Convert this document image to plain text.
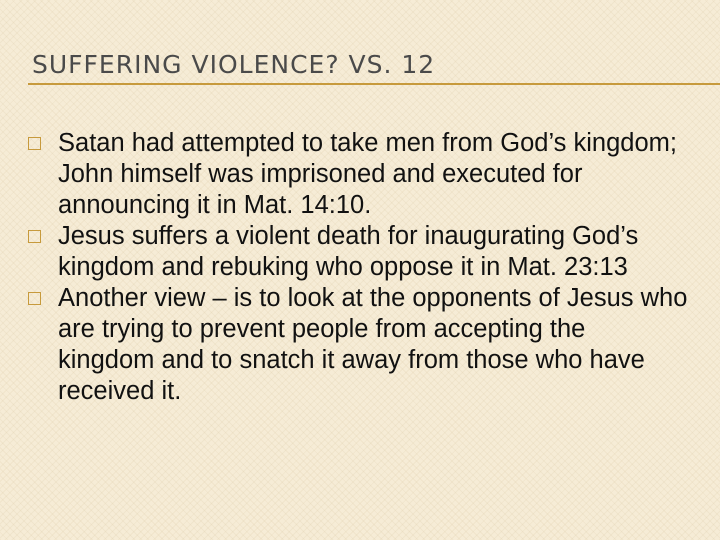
SUFFERING VIOLENCE? VS. 12
Satan had attempted to take men from God’s kingdom; John himself was imprisoned and executed for announcing it in Mat. 14:10.
Jesus suffers a violent death for inaugurating God’s kingdom and rebuking who oppose it in Mat. 23:13
Another view – is to look at the opponents of Jesus who are trying to prevent people from accepting the kingdom and to snatch it away from those who have received it.
